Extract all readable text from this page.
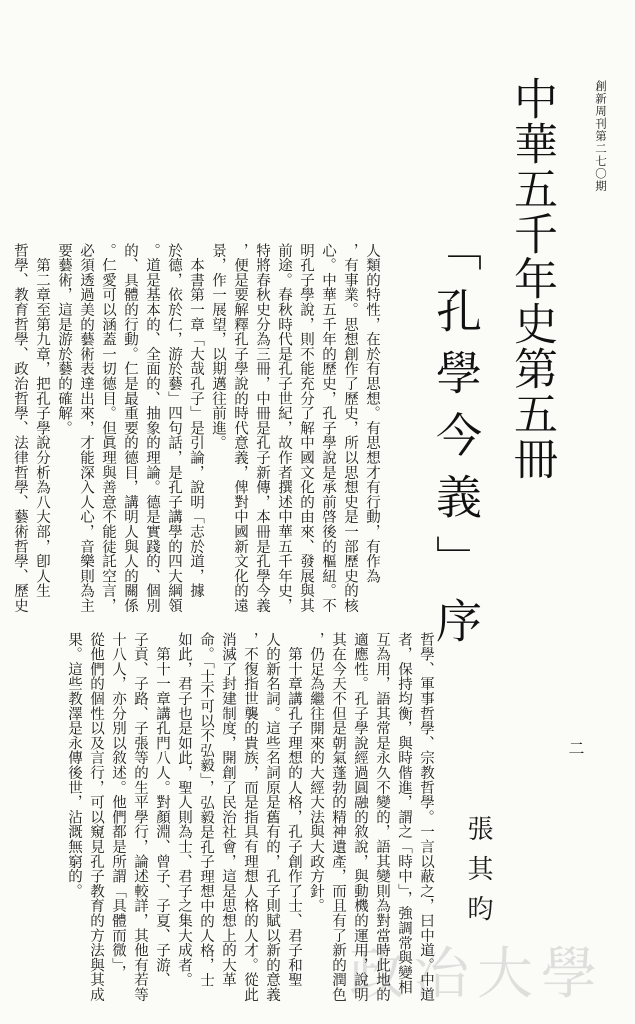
創新周刊第二七〇期
中華五千年史第五冊
「孔學今義」序
二
張其昀
政治大學
人類的特性，在於有思想。有思想才有行動，有作為
，有事業。思想創作了歷史，所以思想史是一部歷史的核
心。中華五千年的歷史，孔子學說是承前啓後的樞紐。不
明孔子學說，則不能充分了解中國文化的由來、發展與其
前途。春秋時代是孔子世紀，故作者撰述中華五千年史，
特將春秋史分為三冊，中冊是孔子新傳，本冊是孔學今義
，便是要解釋孔子學說的時代意義，俾對中國新文化的遠
景，作一展望，以期邁往前進。
　本書第一章「大哉孔子」是引論，說明「志於道，據
於德，依於仁，游於藝」四句話，是孔子講學的四大綱領
。道是基本的、全面的、抽象的理論。德是實踐的、個別
的、具體的行動。仁是最重要的德目，講明人與人的關係
。仁愛可以涵蓋一切德目。但眞理與善意不能徒託空言，
必須透過美的藝術表達出來，才能深入人心，音樂則為主
要藝術，這是游於藝的確解。
　第二章至第九章，把孔子學說分析為八大部，卽人生
哲學、教育哲學、政治哲學、法律哲學、藝術哲學、歷史
哲學、軍事哲學、宗教哲學。一言以蔽之，曰中道。中道
者，保持均衡，與時偕進，謂之「時中」，強調常與變相
互為用，語其常是永久不變的，語其變則為對當時此地的
適應性。孔子學說經過圓融的敘說，與動機的運用，說明
其在今天不但是朝氣蓬勃的精神遺產，而且有了新的潤色
，仍足為繼往開來的大經大法與大政方針。
　第十章講孔子理想的人格，孔子創作了士、君子和聖
人的新名詞。這些名詞原是舊有的，孔子則賦以新的意義
，不復指世襲的貴族，而是指具有理想人格的人才。從此
消滅了封建制度，開創了民治社會，這是思想上的大革
命。「士不可以不弘毅」，弘毅是孔子理想中的人格，士
如此，君子也是如此，聖人則為士、君子之集大成者。
　第十一章講孔門八人。對顏淵、曾子、子夏、子游、
子貢、子路、子張等的生平學行，論述較詳，其他有若等
十八人，亦分別以敘述。他們都是所謂「具體而微」，
從他們的個性以及言行，可以窺見孔子教育的方法與其成
果。這些教澤是永傳後世，沾溉無窮的。
